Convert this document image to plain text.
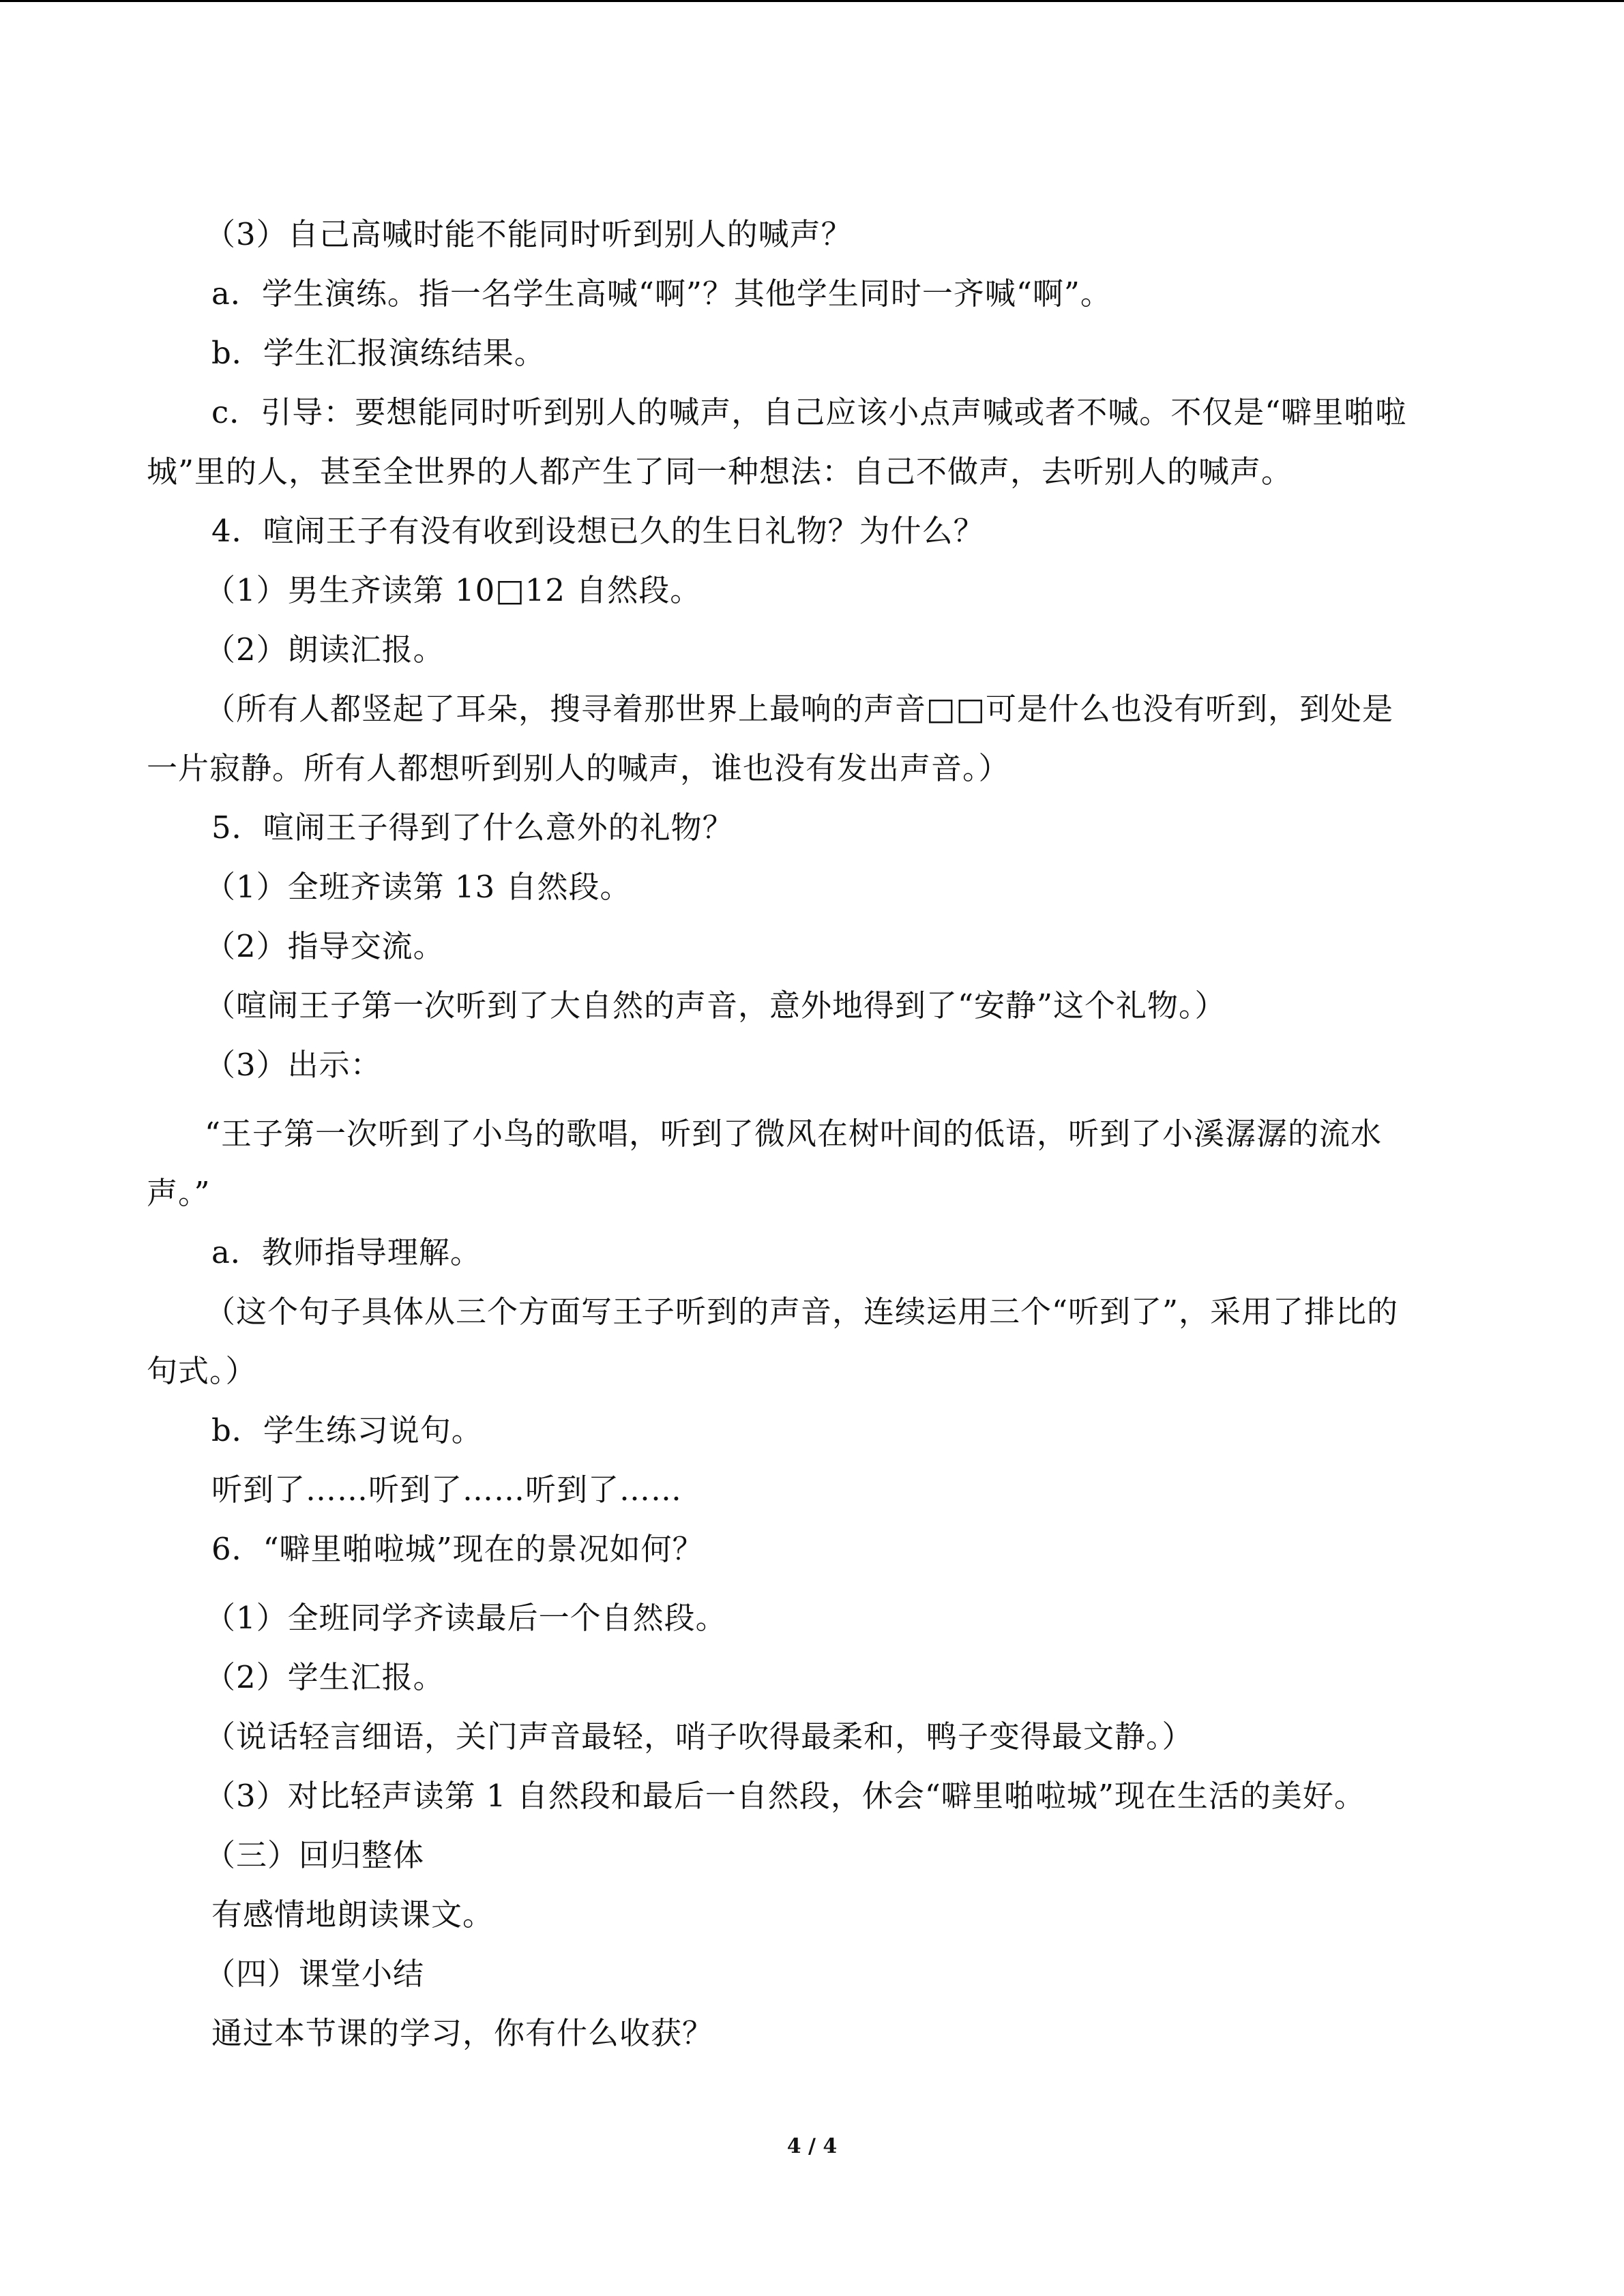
（3）自己高喊时能不能同时听到别人的喊声？
a．学生演练。指一名学生高喊“啊”？其他学生同时一齐喊“啊”。
b．学生汇报演练结果。
c．引导：要想能同时听到别人的喊声，自己应该小点声喊或者不喊。不仅是“噼里啪啦
城”里的人，甚至全世界的人都产生了同一种想法：自己不做声，去听别人的喊声。
4．喧闹王子有没有收到设想已久的生日礼物？为什么？
（1）男生齐读第 10□12 自然段。
（2）朗读汇报。
（所有人都竖起了耳朵，搜寻着那世界上最响的声音□□可是什么也没有听到，到处是
一片寂静。所有人都想听到别人的喊声，谁也没有发出声音。）
5．喧闹王子得到了什么意外的礼物？
（1）全班齐读第 13 自然段。
（2）指导交流。
（喧闹王子第一次听到了大自然的声音，意外地得到了“安静”这个礼物。）
（3）出示：
“王子第一次听到了小鸟的歌唱，听到了微风在树叶间的低语，听到了小溪潺潺的流水
声。”
a．教师指导理解。
（这个句子具体从三个方面写王子听到的声音，连续运用三个“听到了”，采用了排比的
句式。）
b．学生练习说句。
听到了……听到了……听到了……
6．“噼里啪啦城”现在的景况如何？
（1）全班同学齐读最后一个自然段。
（2）学生汇报。
（说话轻言细语，关门声音最轻，哨子吹得最柔和，鸭子变得最文静。）
（3）对比轻声读第 1 自然段和最后一自然段，休会“噼里啪啦城”现在生活的美好。
（三）回归整体
有感情地朗读课文。
（四）课堂小结
通过本节课的学习，你有什么收获？
4 / 4
